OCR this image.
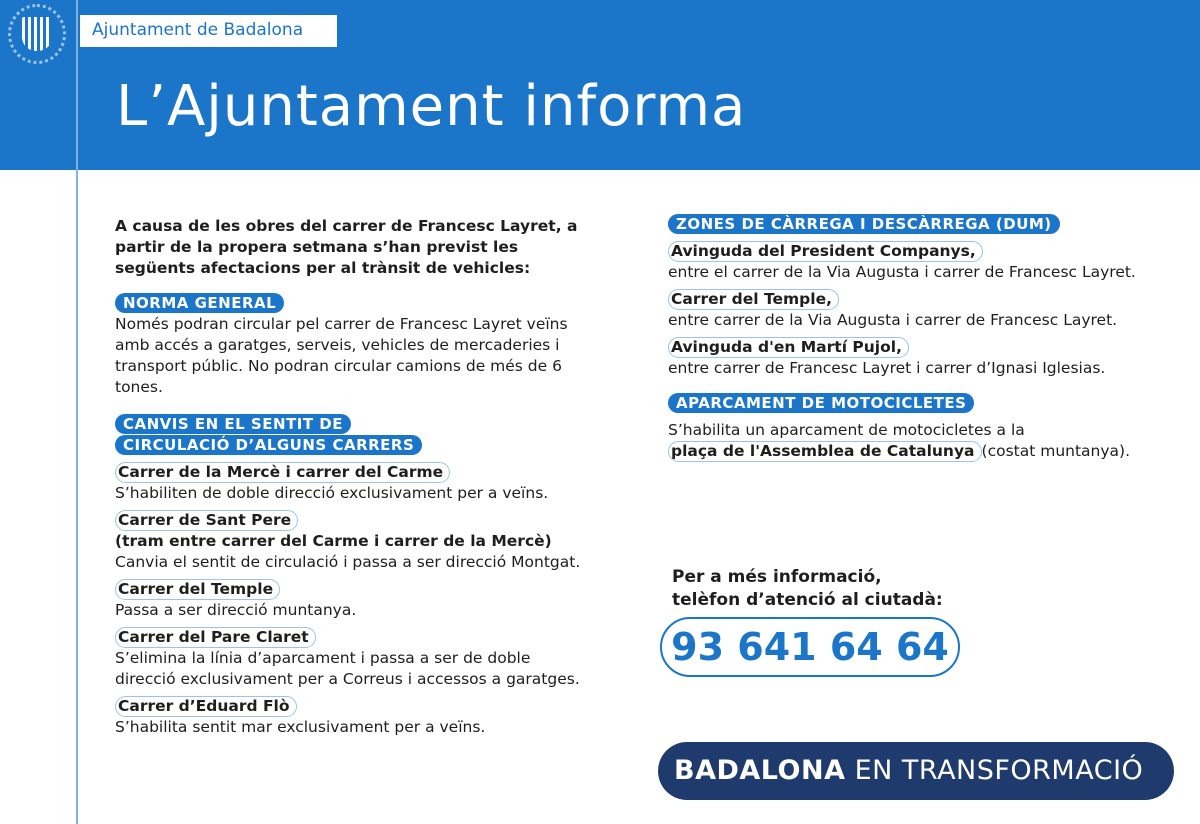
Ajuntament de Badalona
L’Ajuntament informa

A causa de les obres del carrer de Francesc Layret, a partir de la propera setmana s’han previst les següents afectacions per al trànsit de vehicles:

NORMA GENERAL

Només podran circular pel carrer de Francesc Layret veïns amb accés a garatges, serveis, vehicles de mercaderies i transport públic. No podran circular camions de més de 6 tones.

CANVIS EN EL SENTIT DE
CIRCULACIÓ D’ALGUNS CARRERS
Carrer de la Mercè i carrer del Carme
S’habiliten de doble direcció exclusivament per a veïns.
Carrer de Sant Pere
(tram entre carrer del Carme i carrer de la Mercè)
Canvia el sentit de circulació i passa a ser direcció Montgat.
Carrer del Temple
Passa a ser direcció muntanya.
Carrer del Pare Claret
S’elimina la línia d’aparcament i passa a ser de doble direcció exclusivament per a Correus i accessos a garatges.
Carrer d’Eduard Flò
S’habilita sentit mar exclusivament per a veïns.
ZONES DE CÀRREGA I DESCÀRREGA (DUM)
Avinguda del President Companys,
entre el carrer de la Via Augusta i carrer de Francesc Layret.
Carrer del Temple,
entre carrer de la Via Augusta i carrer de Francesc Layret.
Avinguda d'en Martí Pujol,
entre carrer de Francesc Layret i carrer d’Ignasi Iglesias.
APARCAMENT DE MOTOCICLETES

S’habilita un aparcament de motocicletes a la

plaça de l'Assemblea de Catalunya (costat muntanya).
Per a més informació,
telèfon d’atenció al ciutadà:
93 641 64 64
BADALONA EN TRANSFORMACIÓ
